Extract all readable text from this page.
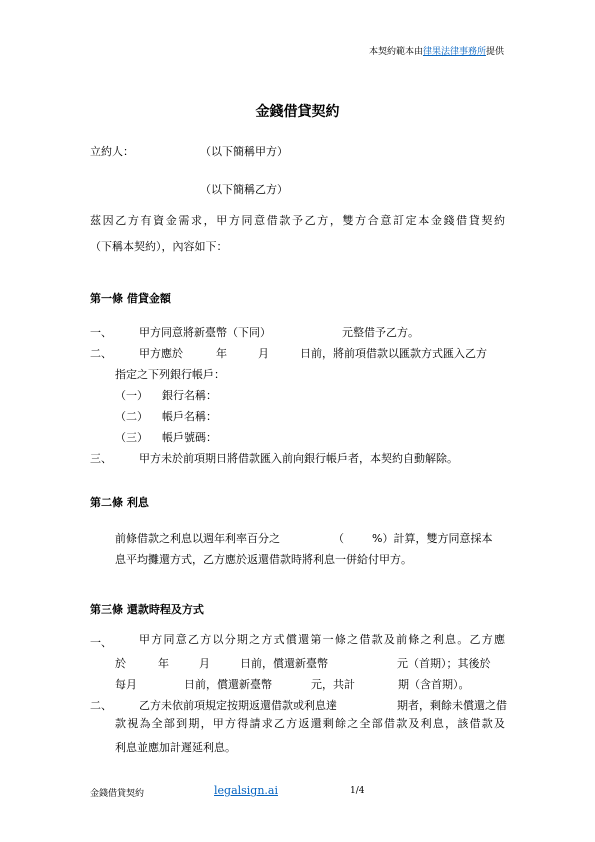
本契約範本由律果法律事務所提供
金錢借貸契約
立約人：	（以下簡稱甲方）
（以下簡稱乙方）
茲因乙方有資金需求，甲方同意借款予乙方，雙方合意訂定本金錢借貸契約
（下稱本契約），內容如下：
第一條 借貸金額
一、 甲方同意將新臺幣（下同）	元整借予乙方。
二、 甲方應於	年	月	日前，將前項借款以匯款方式匯入乙方
指定之下列銀行帳戶：
（一） 銀行名稱：
（二） 帳戶名稱：
（三） 帳戶號碼：
三、 甲方未於前項期日將借款匯入前向銀行帳戶者，本契約自動解除。
第二條 利息
前條借款之利息以週年利率百分之	（	%）計算，雙方同意採本
息平均攤還方式，乙方應於返還借款時將利息一併給付甲方。
第三條 還款時程及方式
一、 甲方同意乙方以分期之方式償還第一條之借款及前條之利息。乙方應
於	年	月	日前，償還新臺幣	元（首期）；其後於
每月	日前，償還新臺幣	元，共計	期（含首期）。
二、 乙方未依前項規定按期返還借款或利息達	期者，剩餘未償還之借
款視為全部到期，甲方得請求乙方返還剩餘之全部借款及利息，該借款及
利息並應加計遲延利息。
金錢借貸契約	legalsign.ai	1/4
